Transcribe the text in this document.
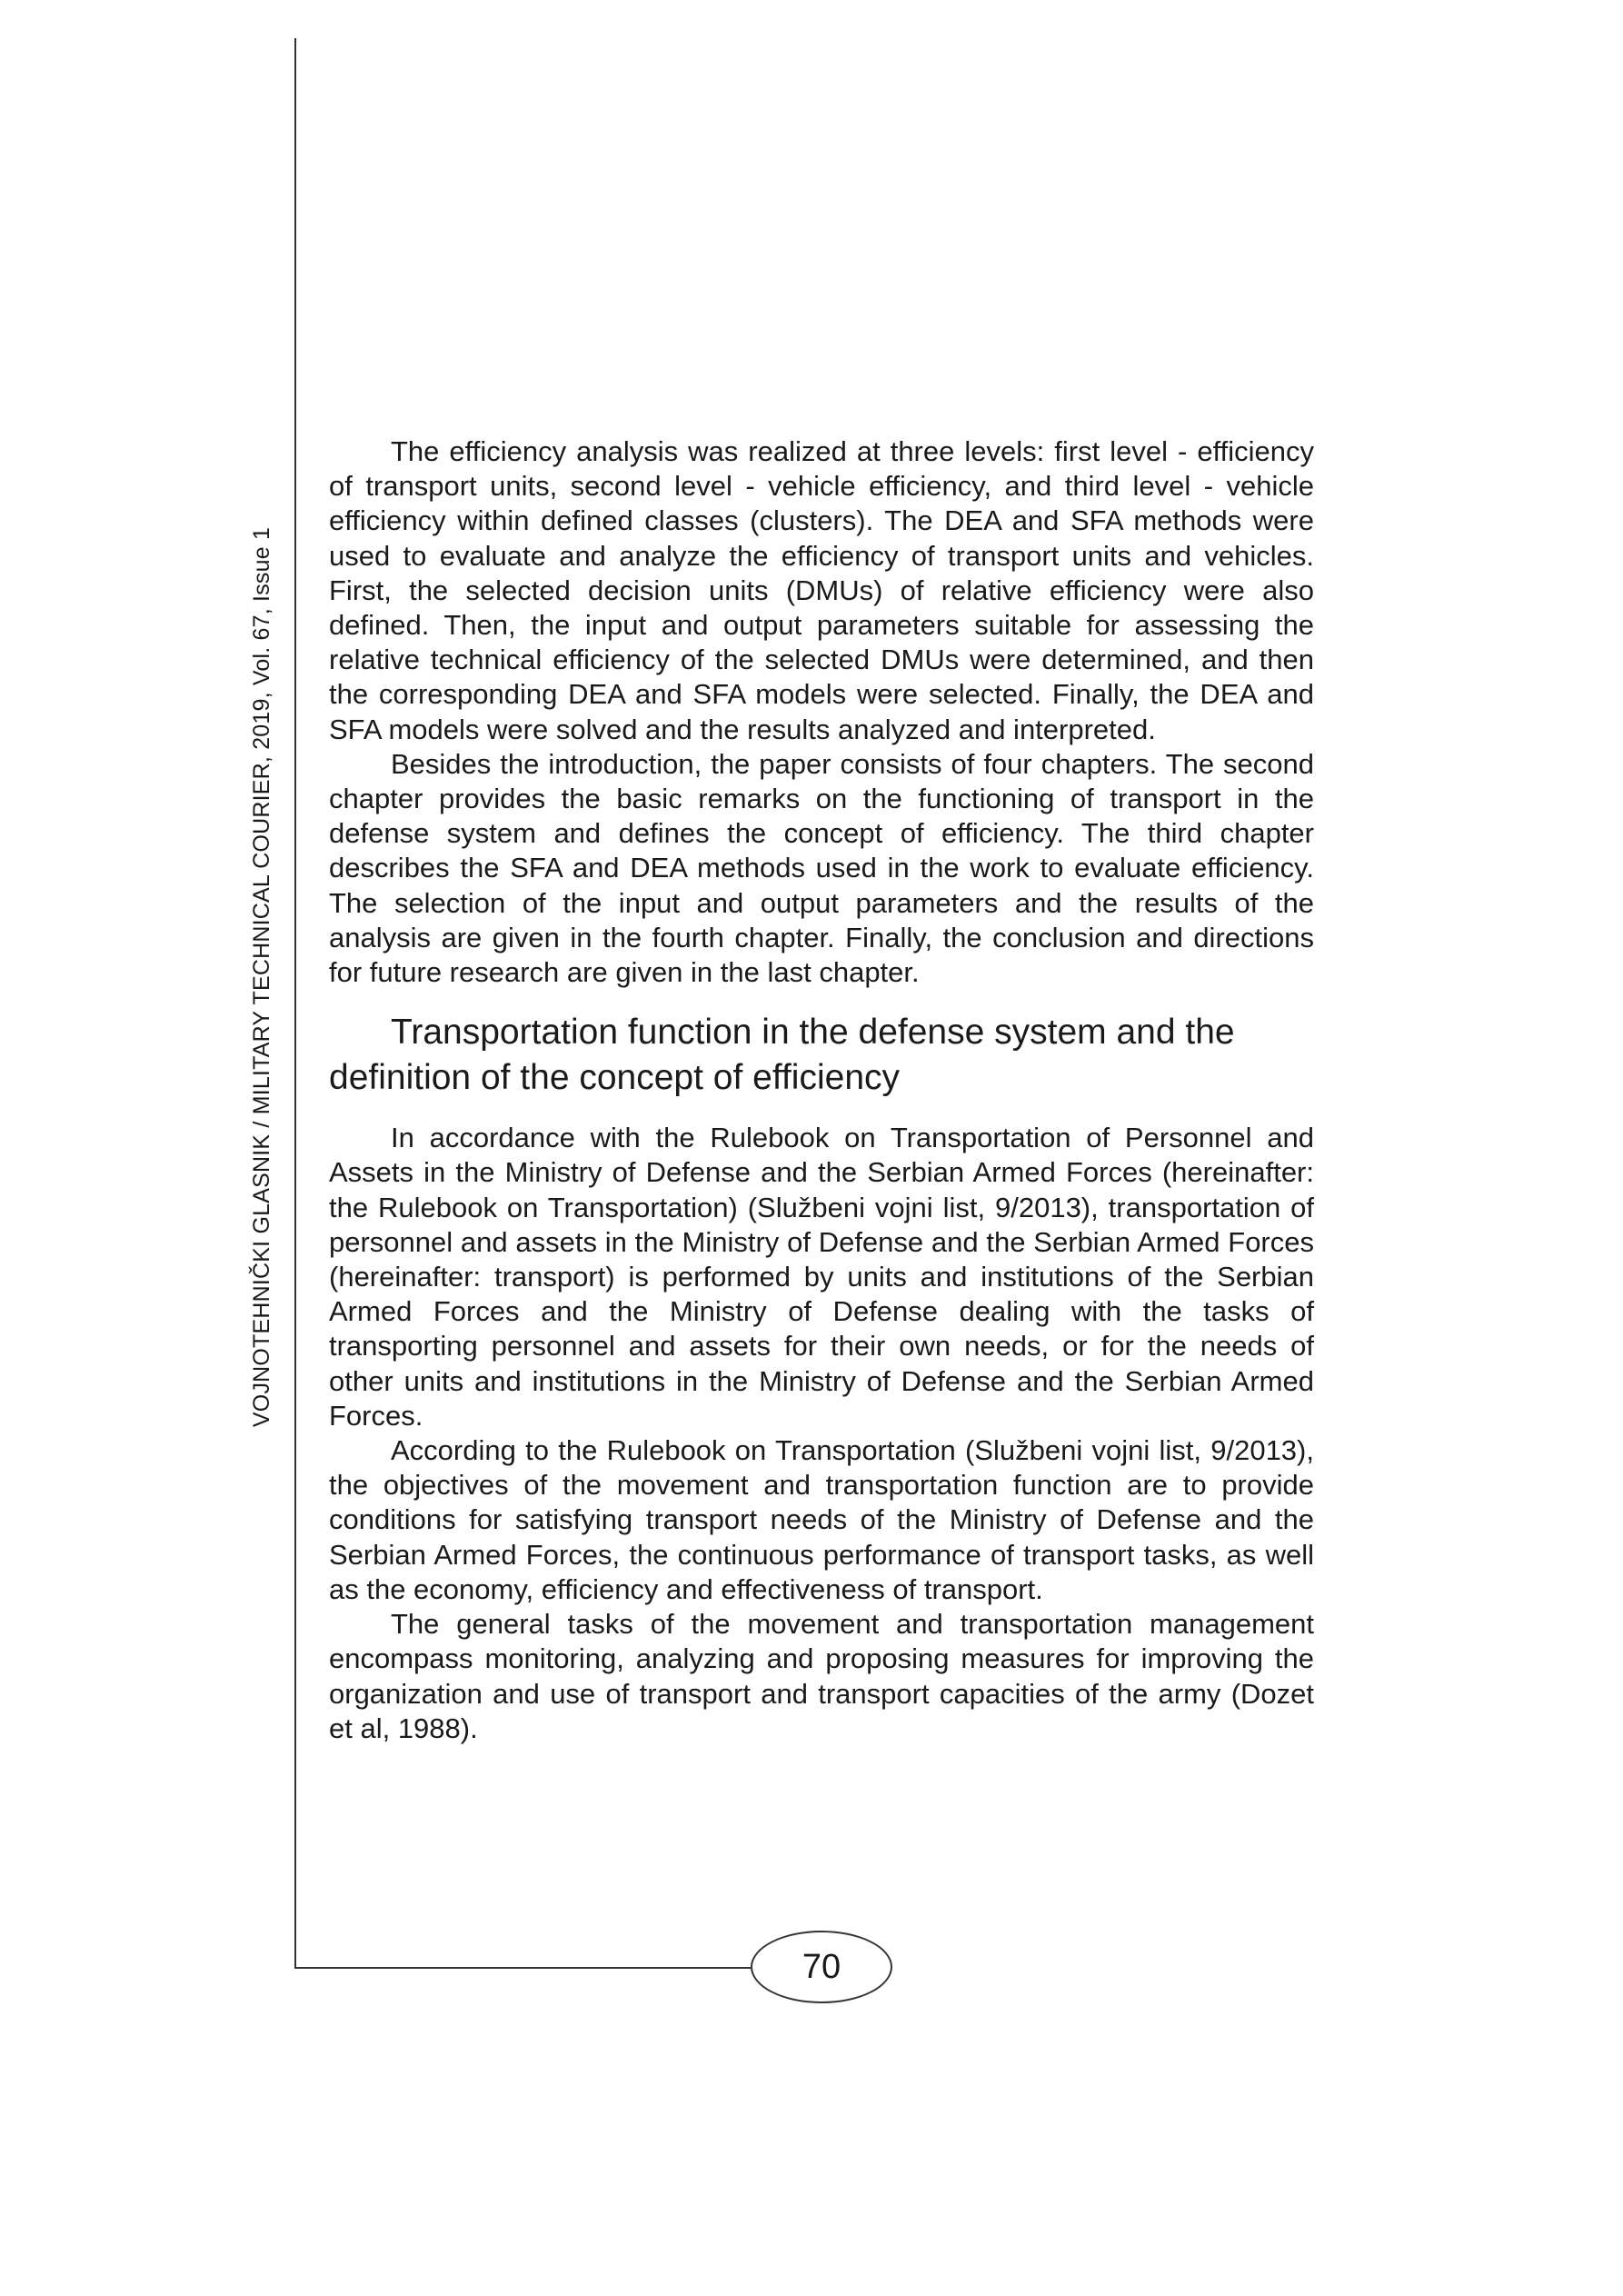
VOJNOTEHNIČKI GLASNIK / MILITARY TECHNICAL COURIER, 2019, Vol. 67, Issue 1

The efficiency analysis was realized at three levels: first level - efficiency of transport units, second level - vehicle efficiency, and third level - vehicle efficiency within defined classes (clusters). The DEA and SFA methods were used to evaluate and analyze the efficiency of transport units and vehicles. First, the selected decision units (DMUs) of relative efficiency were also defined. Then, the input and output parameters suitable for assessing the relative technical efficiency of the selected DMUs were determined, and then the corresponding DEA and SFA models were selected. Finally, the DEA and SFA models were solved and the results analyzed and interpreted.

Besides the introduction, the paper consists of four chapters. The second chapter provides the basic remarks on the functioning of transport in the defense system and defines the concept of efficiency. The third chapter describes the SFA and DEA methods used in the work to evaluate efficiency. The selection of the input and output parameters and the results of the analysis are given in the fourth chapter. Finally, the conclusion and directions for future research are given in the last chapter.

Transportation function in the defense system and the definition of the concept of efficiency

In accordance with the Rulebook on Transportation of Personnel and Assets in the Ministry of Defense and the Serbian Armed Forces (hereinafter: the Rulebook on Transportation) (Službeni vojni list, 9/2013), transportation of personnel and assets in the Ministry of Defense and the Serbian Armed Forces (hereinafter: transport) is performed by units and institutions of the Serbian Armed Forces and the Ministry of Defense dealing with the tasks of transporting personnel and assets for their own needs, or for the needs of other units and institutions in the Ministry of Defense and the Serbian Armed Forces.

According to the Rulebook on Transportation (Službeni vojni list, 9/2013), the objectives of the movement and transportation function are to provide conditions for satisfying transport needs of the Ministry of Defense and the Serbian Armed Forces, the continuous performance of transport tasks, as well as the economy, efficiency and effectiveness of transport.

The general tasks of the movement and transportation management encompass monitoring, analyzing and proposing measures for improving the organization and use of transport and transport capacities of the army (Dozet et al, 1988).

70
